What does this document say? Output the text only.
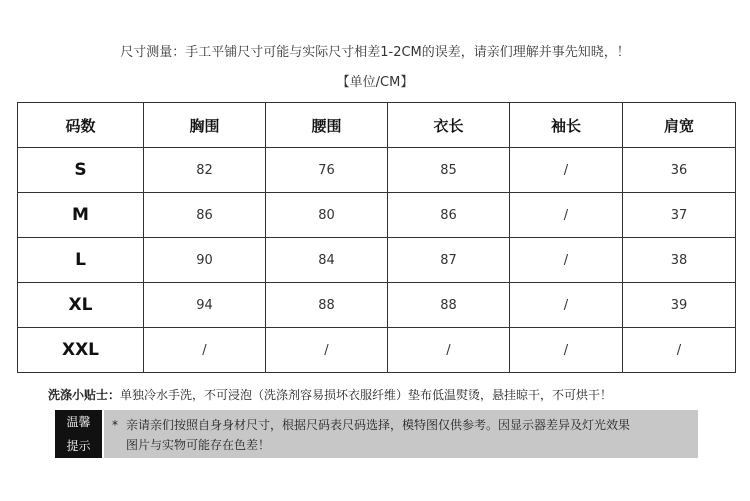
尺寸测量：手工平铺尺寸可能与实际尺寸相差1-2CM的误差，请亲们理解并事先知晓，！
【单位/CM】
码数	胸围	腰围	衣长	袖长	肩宽
S	82	76	85	/	36
M	86	80	86	/	37
L	90	84	87	/	38
XL	94	88	88	/	39
XXL	/	/	/	/	/
洗涤小贴士：单独冷水手洗，不可浸泡（洗涤剂容易损坏衣服纤维）垫布低温熨烫，悬挂晾干，不可烘干！
温馨
提示
* 亲请亲们按照自身身材尺寸，根据尺码表尺码选择，模特图仅供参考。因显示器差异及灯光效果
图片与实物可能存在色差！
